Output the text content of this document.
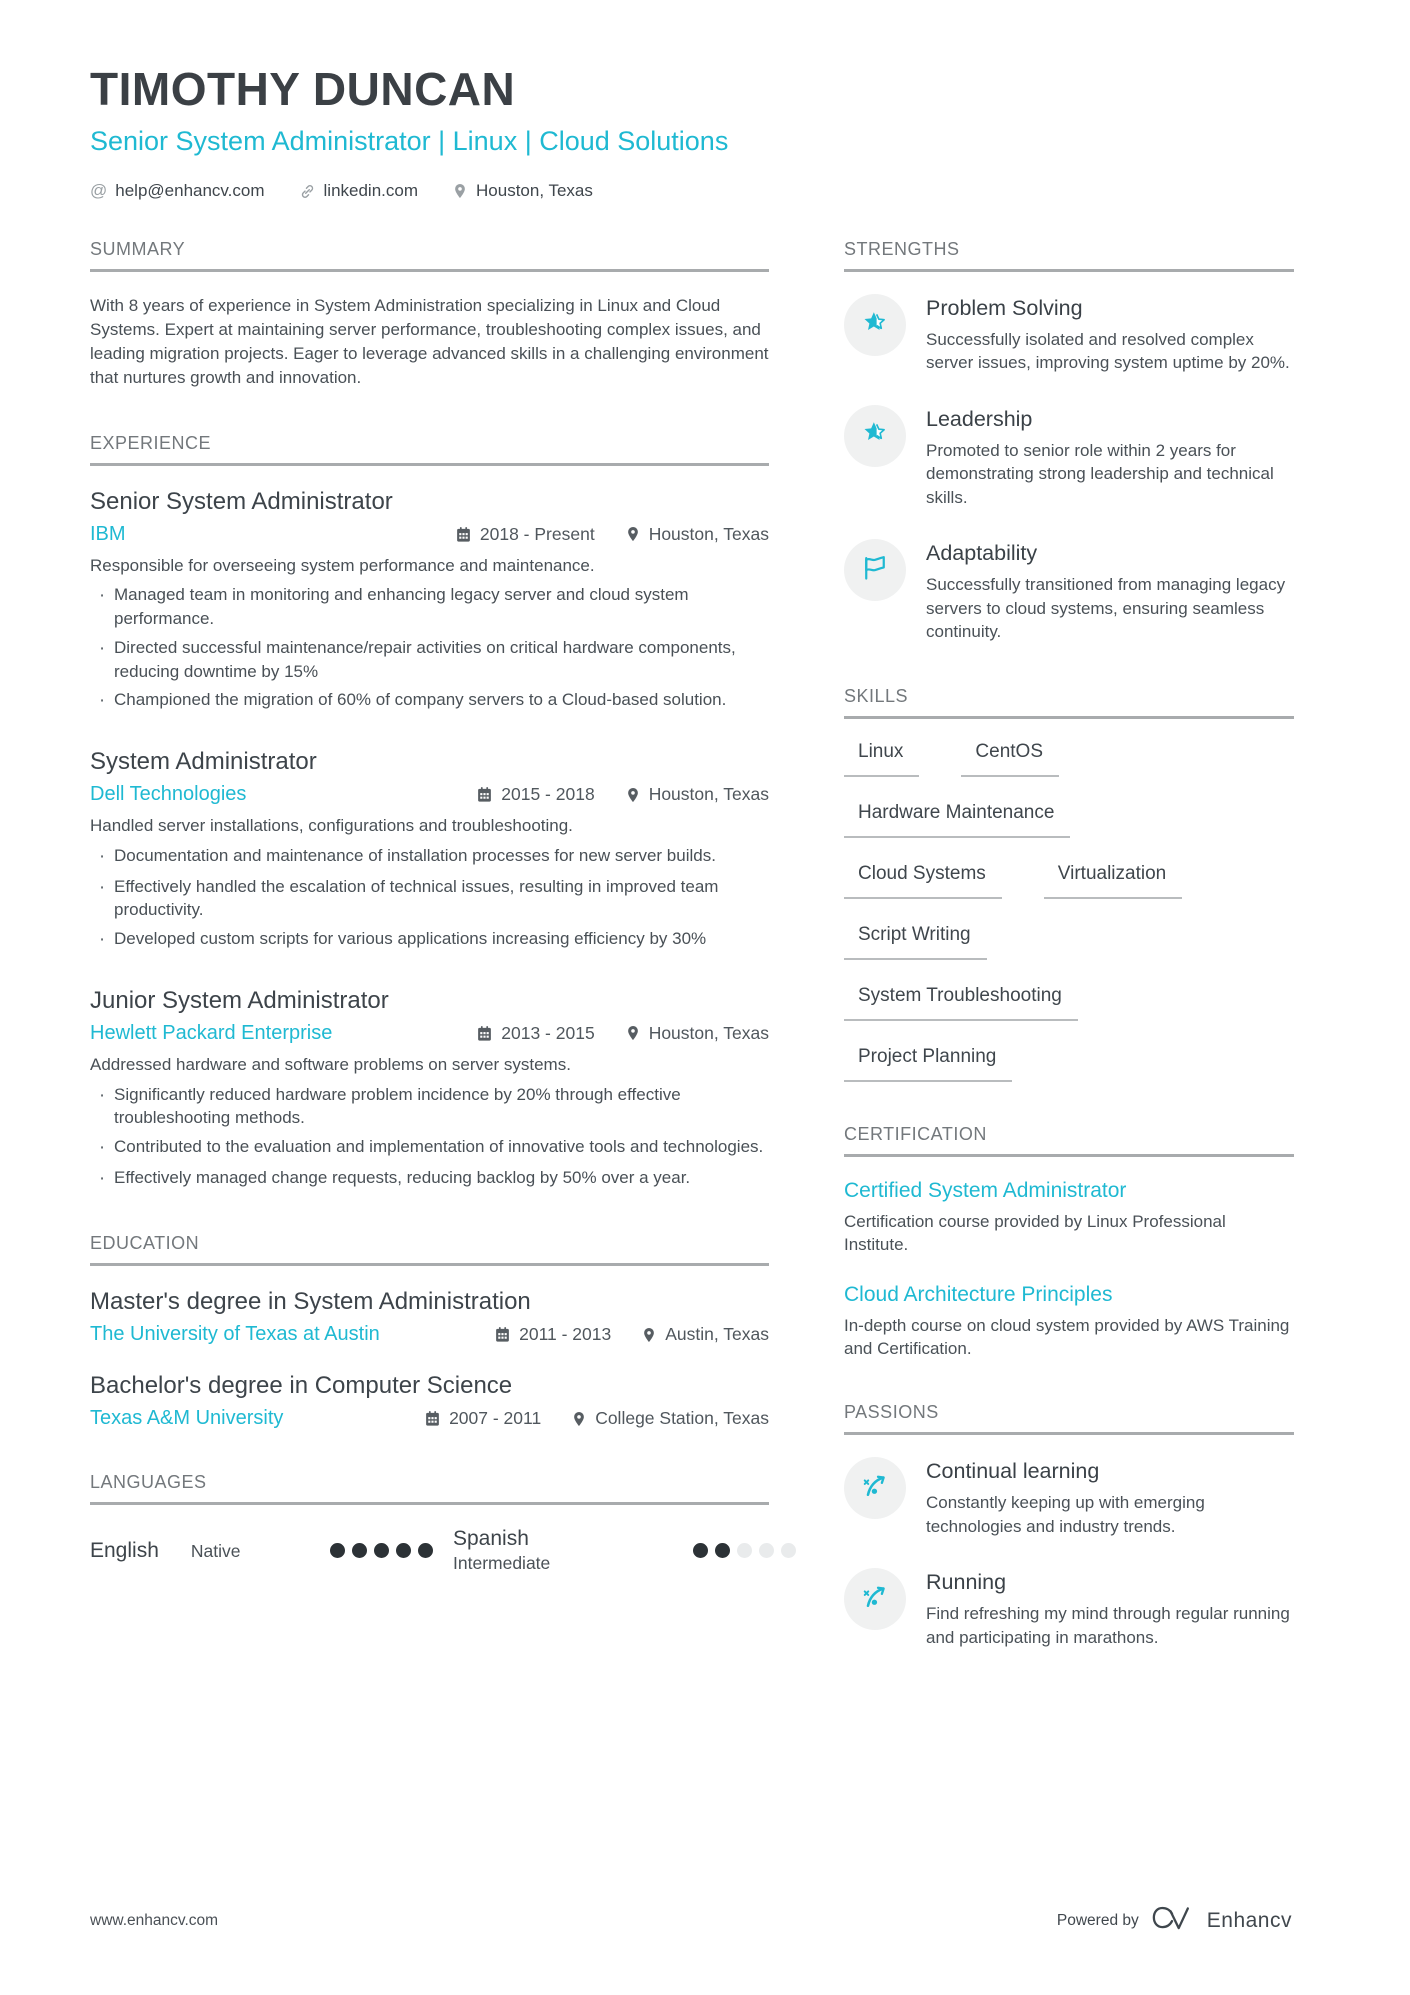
TIMOTHY DUNCAN
Senior System Administrator | Linux | Cloud Solutions
@ help@enhancv.com	linkedin.com	Houston, Texas
SUMMARY
With 8 years of experience in System Administration specializing in Linux and Cloud Systems. Expert at maintaining server performance, troubleshooting complex issues, and leading migration projects. Eager to leverage advanced skills in a challenging environment that nurtures growth and innovation.
EXPERIENCE
Senior System Administrator
IBM	2018 - Present	Houston, Texas
Responsible for overseeing system performance and maintenance.
· Managed team in monitoring and enhancing legacy server and cloud system performance.
· Directed successful maintenance/repair activities on critical hardware components, reducing downtime by 15%
· Championed the migration of 60% of company servers to a Cloud-based solution.
System Administrator
Dell Technologies	2015 - 2018	Houston, Texas
Handled server installations, configurations and troubleshooting.
· Documentation and maintenance of installation processes for new server builds.
· Effectively handled the escalation of technical issues, resulting in improved team productivity.
· Developed custom scripts for various applications increasing efficiency by 30%
Junior System Administrator
Hewlett Packard Enterprise	2013 - 2015	Houston, Texas
Addressed hardware and software problems on server systems.
· Significantly reduced hardware problem incidence by 20% through effective troubleshooting methods.
· Contributed to the evaluation and implementation of innovative tools and technologies.
· Effectively managed change requests, reducing backlog by 50% over a year.
EDUCATION
Master's degree in System Administration
The University of Texas at Austin	2011 - 2013	Austin, Texas
Bachelor's degree in Computer Science
Texas A&M University	2007 - 2011	College Station, Texas
LANGUAGES
English Native
Spanish
Intermediate
STRENGTHS
Problem Solving
Successfully isolated and resolved complex server issues, improving system uptime by 20%.
Leadership
Promoted to senior role within 2 years for demonstrating strong leadership and technical skills.
Adaptability
Successfully transitioned from managing legacy servers to cloud systems, ensuring seamless continuity.
SKILLS
Linux	CentOS
Hardware Maintenance
Cloud Systems	Virtualization
Script Writing
System Troubleshooting
Project Planning
CERTIFICATION
Certified System Administrator
Certification course provided by Linux Professional Institute.
Cloud Architecture Principles
In-depth course on cloud system provided by AWS Training and Certification.
PASSIONS
Continual learning
Constantly keeping up with emerging technologies and industry trends.
Running
Find refreshing my mind through regular running and participating in marathons.
www.enhancv.com	Powered by	Enhancv
